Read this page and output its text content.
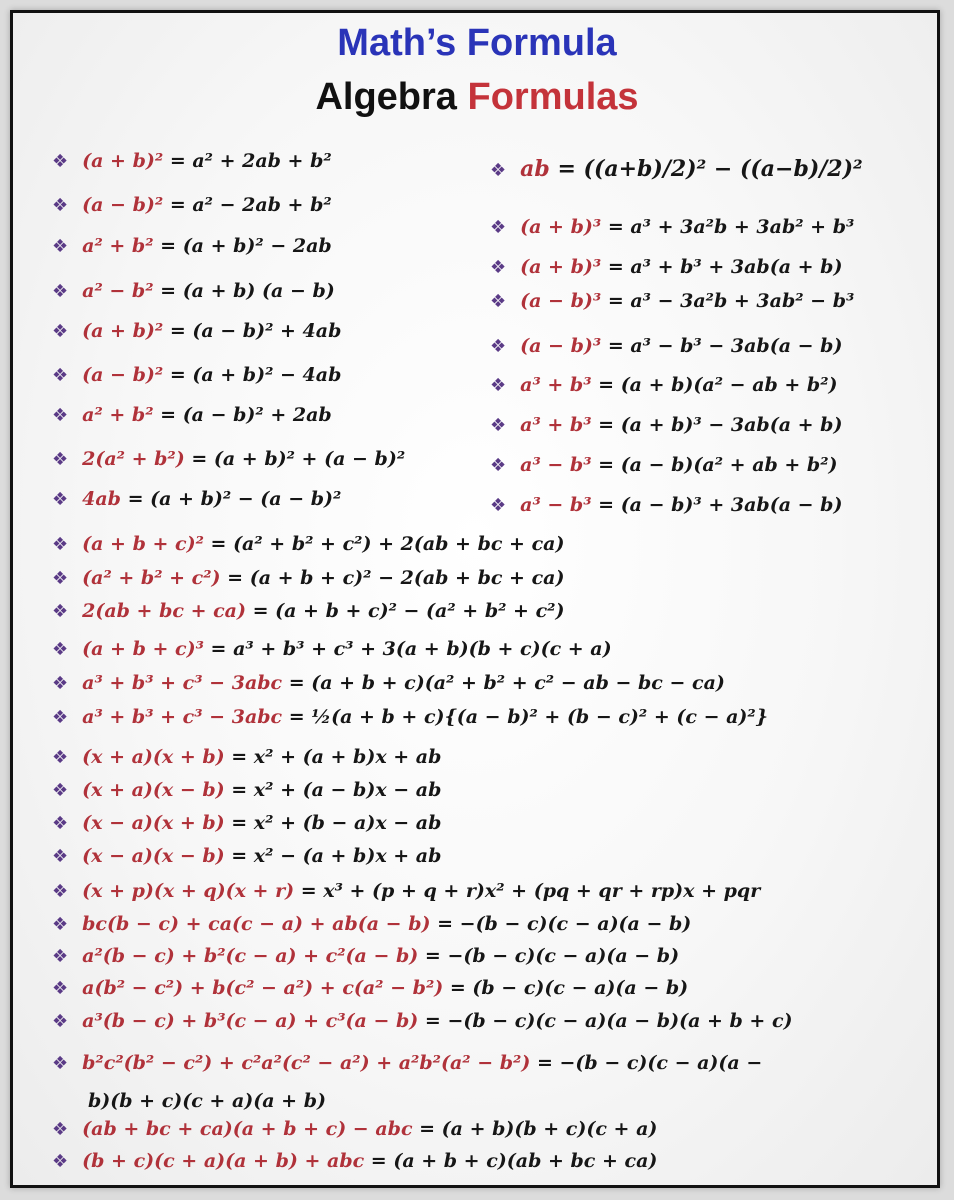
Math’s Formula
Algebra Formulas
❖ (a + b)² = a² + 2ab + b²
❖ (a − b)² = a² − 2ab + b²
❖ a² + b² = (a + b)² − 2ab
❖ a² − b² = (a + b) (a − b)
❖ (a + b)² = (a − b)² + 4ab
❖ (a − b)² = (a + b)² − 4ab
❖ a² + b² = (a − b)² + 2ab
❖ 2(a² + b²) = (a + b)² + (a − b)²
❖ 4ab = (a + b)² − (a − b)²
❖ ab = ((a+b)/2)² − ((a−b)/2)²
❖ (a + b)³ = a³ + 3a²b + 3ab² + b³
❖ (a + b)³ = a³ + b³ + 3ab(a + b)
❖ (a − b)³ = a³ − 3a²b + 3ab² − b³
❖ (a − b)³ = a³ − b³ − 3ab(a − b)
❖ a³ + b³ = (a + b)(a² − ab + b²)
❖ a³ + b³ = (a + b)³ − 3ab(a + b)
❖ a³ − b³ = (a − b)(a² + ab + b²)
❖ a³ − b³ = (a − b)³ + 3ab(a − b)
❖ (a + b + c)² = (a² + b² + c²) + 2(ab + bc + ca)
❖ (a² + b² + c²) = (a + b + c)² − 2(ab + bc + ca)
❖ 2(ab + bc + ca) = (a + b + c)² − (a² + b² + c²)
❖ (a + b + c)³ = a³ + b³ + c³ + 3(a + b)(b + c)(c + a)
❖ a³ + b³ + c³ − 3abc = (a + b + c)(a² + b² + c² − ab − bc − ca)
❖ a³ + b³ + c³ − 3abc = ½(a + b + c){(a − b)² + (b − c)² + (c − a)²}
❖ (x + a)(x + b) = x² + (a + b)x + ab
❖ (x + a)(x − b) = x² + (a − b)x − ab
❖ (x − a)(x + b) = x² + (b − a)x − ab
❖ (x − a)(x − b) = x² − (a + b)x + ab
❖ (x + p)(x + q)(x + r) = x³ + (p + q + r)x² + (pq + qr + rp)x + pqr
❖ bc(b − c) + ca(c − a) + ab(a − b) = −(b − c)(c − a)(a − b)
❖ a²(b − c) + b²(c − a) + c²(a − b) = −(b − c)(c − a)(a − b)
❖ a(b² − c²) + b(c² − a²) + c(a² − b²) = (b − c)(c − a)(a − b)
❖ a³(b − c) + b³(c − a) + c³(a − b) = −(b − c)(c − a)(a − b)(a + b + c)
❖ b²c²(b² − c²) + c²a²(c² − a²) + a²b²(a² − b²) = −(b − c)(c − a)(a −
b)(b + c)(c + a)(a + b)
❖ (ab + bc + ca)(a + b + c) − abc = (a + b)(b + c)(c + a)
❖ (b + c)(c + a)(a + b) + abc = (a + b + c)(ab + bc + ca)
